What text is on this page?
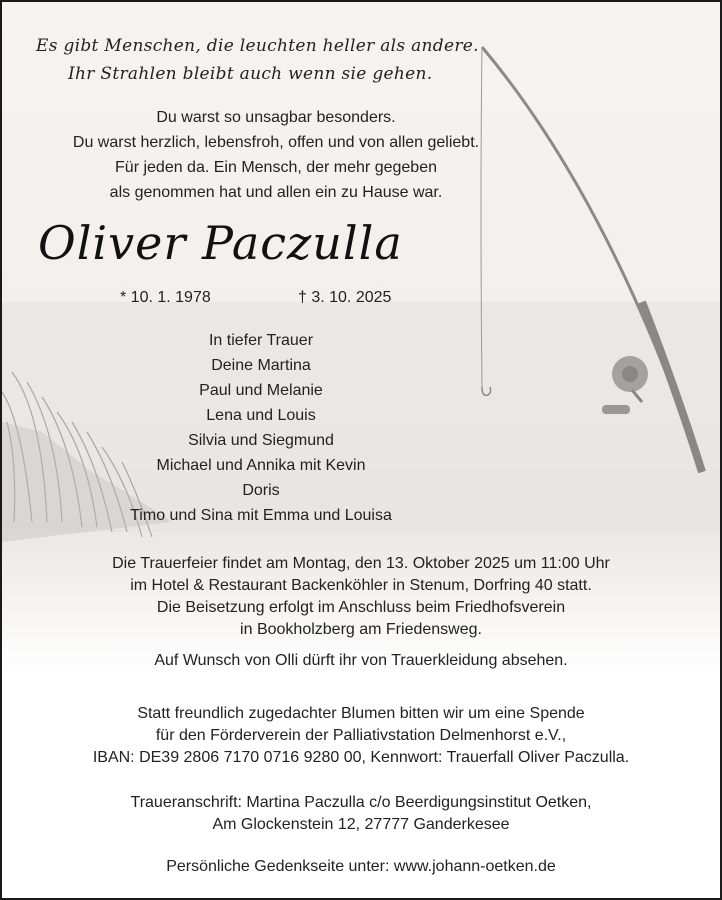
Es gibt Menschen, die leuchten heller als andere.
Ihr Strahlen bleibt auch wenn sie gehen.
Du warst so unsagbar besonders.
Du warst herzlich, lebensfroh, offen und von allen geliebt.
Für jeden da. Ein Mensch, der mehr gegeben
als genommen hat und allen ein zu Hause war.
Oliver Paczulla
* 10. 1. 1978	† 3. 10. 2025
In tiefer Trauer
Deine Martina
Paul und Melanie
Lena und Louis
Silvia und Siegmund
Michael und Annika mit Kevin
Doris
Timo und Sina mit Emma und Louisa
Die Trauerfeier findet am Montag, den 13. Oktober 2025 um 11:00 Uhr
im Hotel & Restaurant Backenköhler in Stenum, Dorfring 40 statt.
Die Beisetzung erfolgt im Anschluss beim Friedhofsverein
in Bookholzberg am Friedensweg.
Auf Wunsch von Olli dürft ihr von Trauerkleidung absehen.
Statt freundlich zugedachter Blumen bitten wir um eine Spende
für den Förderverein der Palliativstation Delmenhorst e.V.,
IBAN: DE39 2806 7170 0716 9280 00, Kennwort: Trauerfall Oliver Paczulla.
Traueranschrift: Martina Paczulla c/o Beerdigungsinstitut Oetken,
Am Glockenstein 12, 27777 Ganderkesee
Persönliche Gedenkseite unter: www.johann-oetken.de
